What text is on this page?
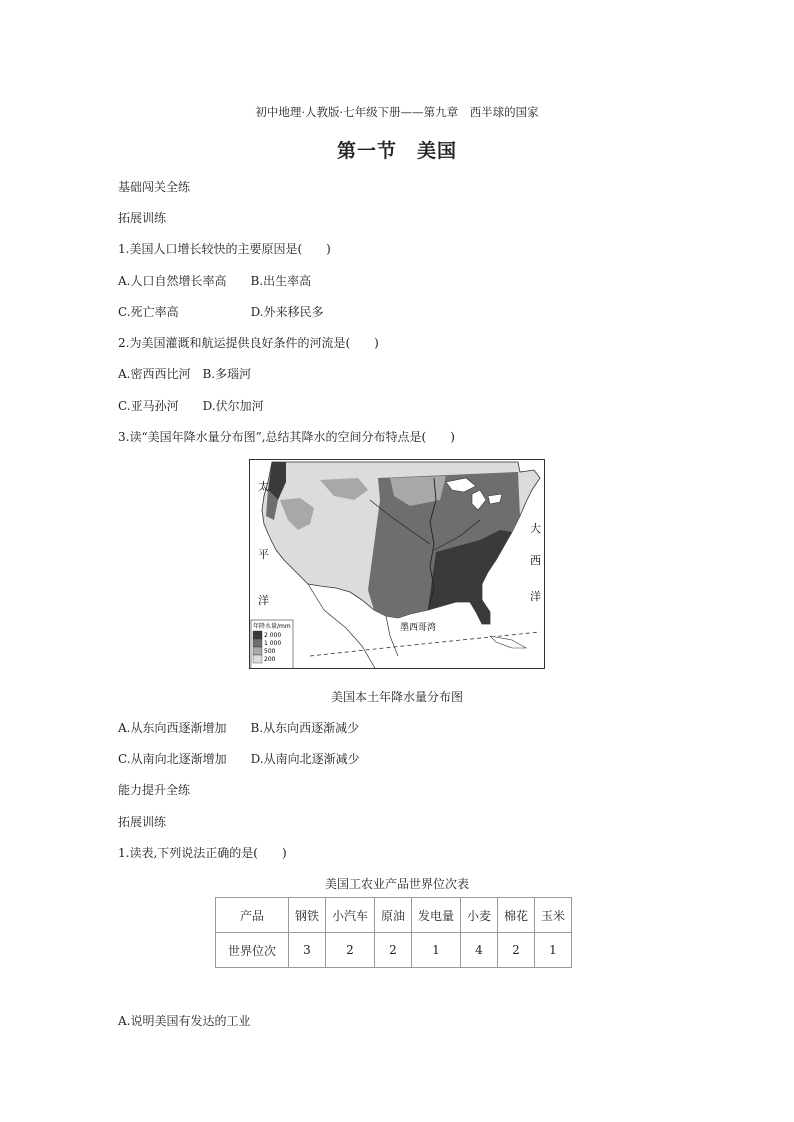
初中地理·人教版·七年级下册——第九章　西半球的国家
第一节　美国
基础闯关全练
拓展训练
1.美国人口增长较快的主要原因是(　　)
A.人口自然增长率高　　B.出生率高
C.死亡率高　　　　　　D.外来移民多
2.为美国灌溉和航运提供良好条件的河流是(　　)
A.密西西比河　B.多瑙河
C.亚马孙河　　D.伏尔加河
3.读“美国年降水量分布图”,总结其降水的空间分布特点是(　　)
太
平
洋
大
西
洋
墨西哥湾
年降水量/mm
2 000
1 000
500
200
美国本土年降水量分布图
A.从东向西逐渐增加　　B.从东向西逐渐减少
C.从南向北逐渐增加　　D.从南向北逐渐减少
能力提升全练
拓展训练
1.读表,下列说法正确的是(　　)
美国工农业产品世界位次表
产品	钢铁	小汽车	原油	发电量	小麦	棉花	玉米
世界位次	3	2	2	1	4	2	1
A.说明美国有发达的工业
